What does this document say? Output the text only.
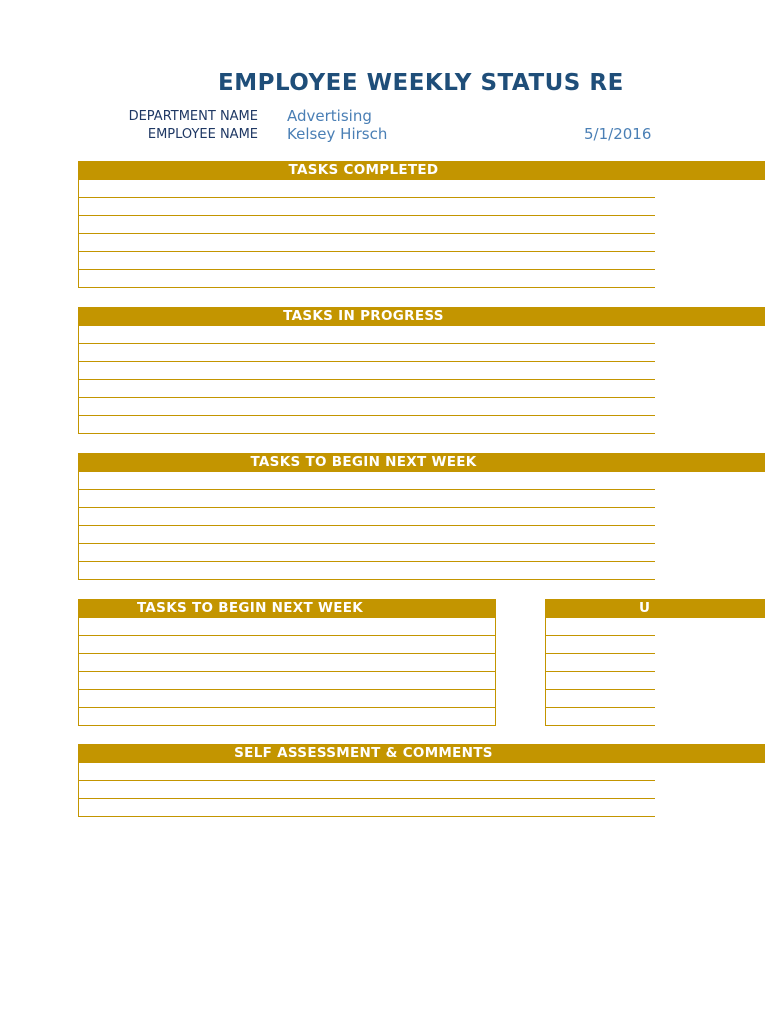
EMPLOYEE WEEKLY STATUS RE
DEPARTMENT NAME Advertising
EMPLOYEE NAME Kelsey Hirsch	5/1/2016
TASKS COMPLETED
TASKS IN PROGRESS
TASKS TO BEGIN NEXT WEEK
TASKS TO BEGIN NEXT WEEK	U
SELF ASSESSMENT & COMMENTS
